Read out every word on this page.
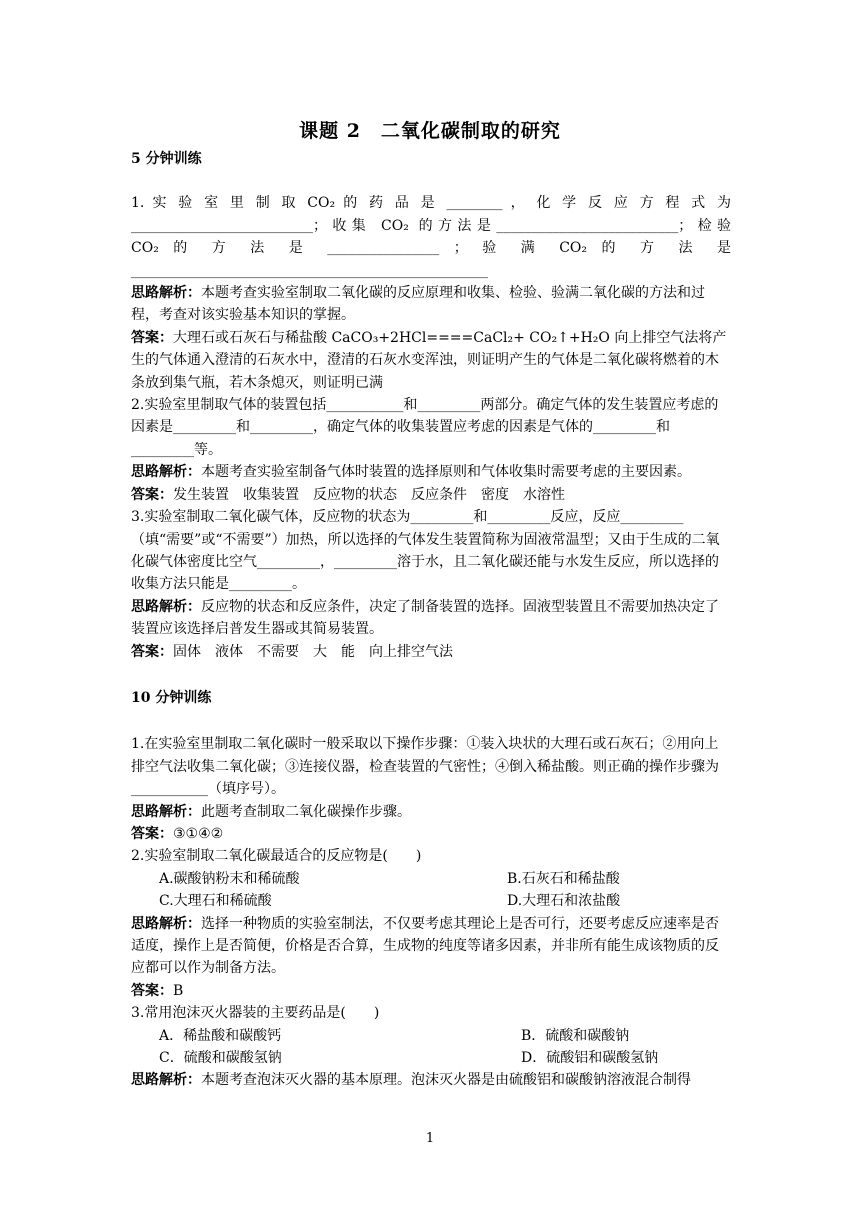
课题 2　二氧化碳制取的研究

5 分钟训练

1. 实 验 室 里 制 取 CO₂ 的 药 品 是 ________ ， 化 学 反 应 方 程 式 为

__________________________；收集 CO₂ 的方法是__________________________；检验

CO₂ 的 方 法 是 ________________ ； 验 满 CO₂ 的 方 法 是

___________________________________________________

思路解析：本题考查实验室制取二氧化碳的反应原理和收集、检验、验满二氧化碳的方法和过程，考查对该实验基本知识的掌握。

答案：大理石或石灰石与稀盐酸 CaCO₃+2HCl====CaCl₂+ CO₂↑+H₂O 向上排空气法将产生的气体通入澄清的石灰水中，澄清的石灰水变浑浊，则证明产生的气体是二氧化碳将燃着的木条放到集气瓶，若木条熄灭，则证明已满

2.实验室里制取气体的装置包括___________和_________两部分。确定气体的发生装置应考虑的因素是_________和_________，确定气体的收集装置应考虑的因素是气体的_________和_________等。

思路解析：本题考查实验室制备气体时装置的选择原则和气体收集时需要考虑的主要因素。

答案：发生装置　收集装置　反应物的状态　反应条件　密度　水溶性

3.实验室制取二氧化碳气体，反应物的状态为_________和_________反应，反应_________（填“需要”或“不需要”）加热，所以选择的气体发生装置简称为固液常温型；又由于生成的二氧化碳气体密度比空气_________，_________溶于水，且二氧化碳还能与水发生反应，所以选择的收集方法只能是_________。

思路解析：反应物的状态和反应条件，决定了制备装置的选择。固液型装置且不需要加热决定了装置应该选择启普发生器或其简易装置。

答案：固体　液体　不需要　大　能　向上排空气法

10 分钟训练

1.在实验室里制取二氧化碳时一般采取以下操作步骤：①装入块状的大理石或石灰石；②用向上排空气法收集二氧化碳；③连接仪器，检查装置的气密性；④倒入稀盐酸。则正确的操作步骤为___________（填序号）。

思路解析：此题考查制取二氧化碳操作步骤。

答案：③①④②

2.实验室制取二氧化碳最适合的反应物是(　　)

A.碳酸钠粉末和稀硫酸	B.石灰石和稀盐酸
C.大理石和稀硫酸	D.大理石和浓盐酸

思路解析：选择一种物质的实验室制法，不仅要考虑其理论上是否可行，还要考虑反应速率是否适度，操作上是否简便，价格是否合算，生成物的纯度等诸多因素，并非所有能生成该物质的反应都可以作为制备方法。

答案：B

3.常用泡沫灭火器装的主要药品是(　　)

A．稀盐酸和碳酸钙	B．硫酸和碳酸钠
C．硫酸和碳酸氢钠	D．硫酸铝和碳酸氢钠

思路解析：本题考查泡沫灭火器的基本原理。泡沫灭火器是由硫酸铝和碳酸钠溶液混合制得

1
